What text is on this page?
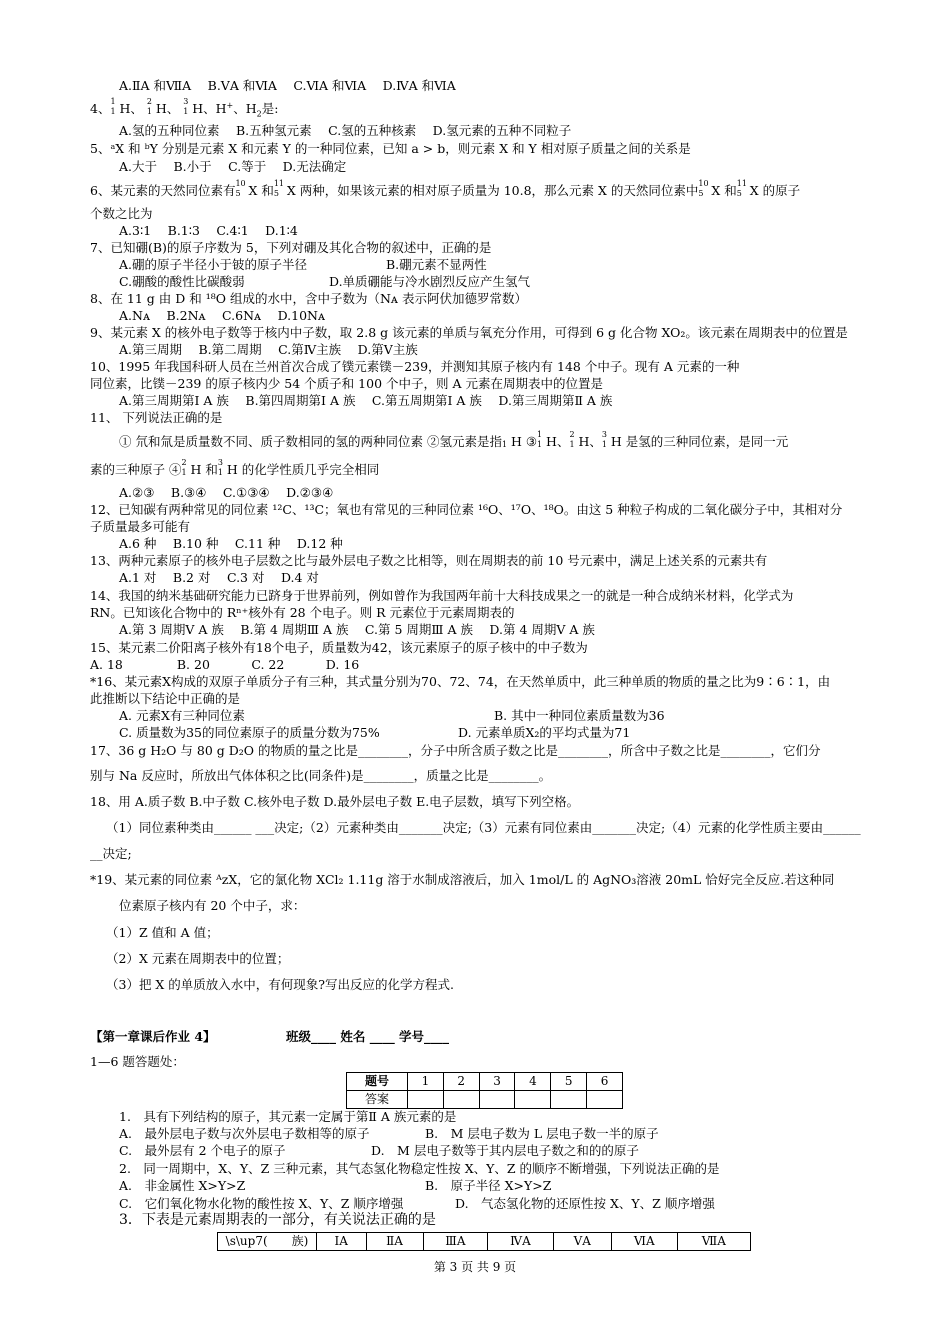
A.ⅡA 和ⅦA　 B.ⅤA 和ⅥA　 C.ⅥA 和ⅥA　 D.ⅣA 和ⅥA
4、 1
1 H、 2
1 H、 3
1 H、H+、$H_2$是:
A.氢的五种同位素　 B.五种氢元素　 C.氢的五种核素　 D.氢元素的五种不同粒子
5、ᵃX 和 ᵇY 分别是元素 X 和元素 Y 的一种同位素，已知 a > b，则元素 X 和 Y 相对原子质量之间的关系是
A.大于　 B.小于　 C.等于　 D.无法确定
6、某元素的天然同位素有 10
5 X 和 11
5 X 两种，如果该元素的相对原子质量为 10.8，那么元素 X 的天然同位素中 10
5 X 和 11
5 X 的原子
个数之比为
A.3∶1　 B.1∶3　 C.4∶1　 D.1∶4
7、已知硼(B)的原子序数为 5，下列对硼及其化合物的叙述中，正确的是
A.硼的原子半径小于铍的原子半径	B.硼元素不显两性
C.硼酸的酸性比碳酸弱	D.单质硼能与冷水剧烈反应产生氢气
8、在 11 g 由 D 和 ¹⁸O 组成的水中，含中子数为（Nᴀ 表示阿伏加德罗常数）
A.Nᴀ　 B.2Nᴀ　 C.6Nᴀ　 D.10Nᴀ
9、某元素 X 的核外电子数等于核内中子数，取 2.8 g 该元素的单质与氧充分作用，可得到 6 g 化合物 XO₂。该元素在周期表中的位置是
A.第三周期　 B.第二周期　 C.第Ⅳ主族　 D.第Ⅴ主族
10、1995 年我国科研人员在兰州首次合成了镤元素镤－239，并测知其原子核内有 148 个中子。现有 A 元素的一种
同位素，比镤－239 的原子核内少 54 个质子和 100 个中子，则 A 元素在周期表中的位置是
A.第三周期第Ⅰ A 族　 B.第四周期第Ⅰ A 族　 C.第五周期第Ⅰ A 族　 D.第三周期第Ⅱ A 族
11、 下列说法正确的是
① 氘和氚是质量数不同、质子数相同的氢的两种同位素 ②氢元素是指 1 H ③ 1
1 H、 2
1 H、 3
1 H 是氢的三种同位素，是同一元
素的三种原子 ④ 2
1 H 和 3
1 H 的化学性质几乎完全相同
A.②③　 B.③④　 C.①③④　 D.②③④
12、已知碳有两种常见的同位素 ¹²C、¹³C；氧也有常见的三种同位素 ¹⁶O、¹⁷O、¹⁸O。由这 5 种粒子构成的二氧化碳分子中，其相对分
子质量最多可能有
A.6 种　 B.10 种　 C.11 种　 D.12 种
13、两种元素原子的核外电子层数之比与最外层电子数之比相等，则在周期表的前 10 号元素中，满足上述关系的元素共有
A.1 对　 B.2 对　 C.3 对　 D.4 对
14、我国的纳米基础研究能力已跻身于世界前列，例如曾作为我国两年前十大科技成果之一的就是一种合成纳米材料，化学式为
RN。已知该化合物中的 Rⁿ⁺核外有 28 个电子。则 R 元素位于元素周期表的
A.第 3 周期Ⅴ A 族　 B.第 4 周期Ⅲ A 族　 C.第 5 周期Ⅲ A 族　 D.第 4 周期Ⅴ A 族
15、某元素二价阳离子核外有18个电子，质量数为42，该元素原子的原子核中的中子数为
A. 18　　　　 B. 20　　　 C. 22　　　 D. 16
*16、某元素X构成的双原子单质分子有三种，其式量分别为70、72、74，在天然单质中，此三种单质的物质的量之比为9∶6∶1，由
此推断以下结论中正确的是
A. 元素X有三种同位素	B. 其中一种同位素质量数为36
C. 质量数为35的同位素原子的质量分数为75%	D. 元素单质X₂的平均式量为71
17、36 g H₂O 与 80 g D₂O 的物质的量之比是________，分子中所含质子数之比是________，所含中子数之比是________，它们分
别与 Na 反应时，所放出气体体积之比(同条件)是________，质量之比是________。
18、用 A.质子数 B.中子数 C.核外电子数 D.最外层电子数 E.电子层数，填写下列空格。
（1）同位素种类由______ ___决定;（2）元素种类由_______决定;（3）元素有同位素由_______决定;（4）元素的化学性质主要由______
__决定;
*19、某元素的同位素 ᴬzX，它的氯化物 XCl₂ 1.11g 溶于水制成溶液后，加入 1mol/L 的 AgNO₃溶液 20mL 恰好完全反应.若这种同
位素原子核内有 20 个中子，求：
（1）Z 值和 A 值；
（2）X 元素在周期表中的位置；
（3）把 X 的单质放入水中，有何现象?写出反应的化学方程式.
【第一章课后作业 4】	班级____ 姓名 ____ 学号____
1—6 题答题处：
题号	1	2	3	4	5	6
答案						
1.　具有下列结构的原子，其元素一定属于第Ⅱ A 族元素的是
A.　最外层电子数与次外层电子数相等的原子	B.　M 层电子数为 L 层电子数一半的原子
C.　最外层有 2 个电子的原子	D.　M 层电子数等于其内层电子数之和的的原子
2.　同一周期中，X、Y、Z 三种元素，其气态氢化物稳定性按 X、Y、Z 的顺序不断增强，下列说法正确的是
A.　非金属性 X>Y>Z	B.　原子半径 X>Y>Z
C.　它们氧化物水化物的酸性按 X、Y、Z 顺序增强	D.　气态氢化物的还原性按 X、Y、Z 顺序增强
3．下表是元素周期表的一部分，有关说法正确的是
\s\up7(　　族)	ⅠA	ⅡA	ⅢA	ⅣA	ⅤA	ⅥA	ⅦA
第 3 页 共 9 页
